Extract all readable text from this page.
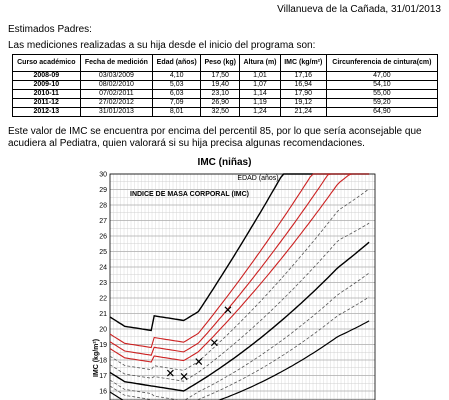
Villanueva de la Cañada, 31/01/2013
Estimados Padres:
Las mediciones realizadas a su hija desde el inicio del programa son:
Curso académico	Fecha de medición	Edad (años)	Peso (kg)	Altura (m)	IMC (kg/m²)	Circunferencia de cintura(cm)
2008-09	03/03/2009	4,10	17,50	1,01	17,16	47,00
2009-10	08/02/2010	5,03	19,40	1,07	16,94	54,10
2010-11	07/02/2011	6,03	23,10	1,14	17,90	55,00
2011-12	27/02/2012	7,09	26,90	1,19	19,12	59,20
2012-13	31/01/2013	8,01	32,50	1,24	21,24	64,90
Este valor de IMC se encuentra por encima del percentil 85, por lo que sería aconsejable que acudiera al Pediatra, quien valorará si su hija precisa algunas recomendaciones.
IMC (niñas)
16
17
18
19
20
21
22
23
24
25
26
27
28
29
30
IMC (kg/m²)
EDAD (años)
INDICE DE MASA CORPORAL (IMC)
